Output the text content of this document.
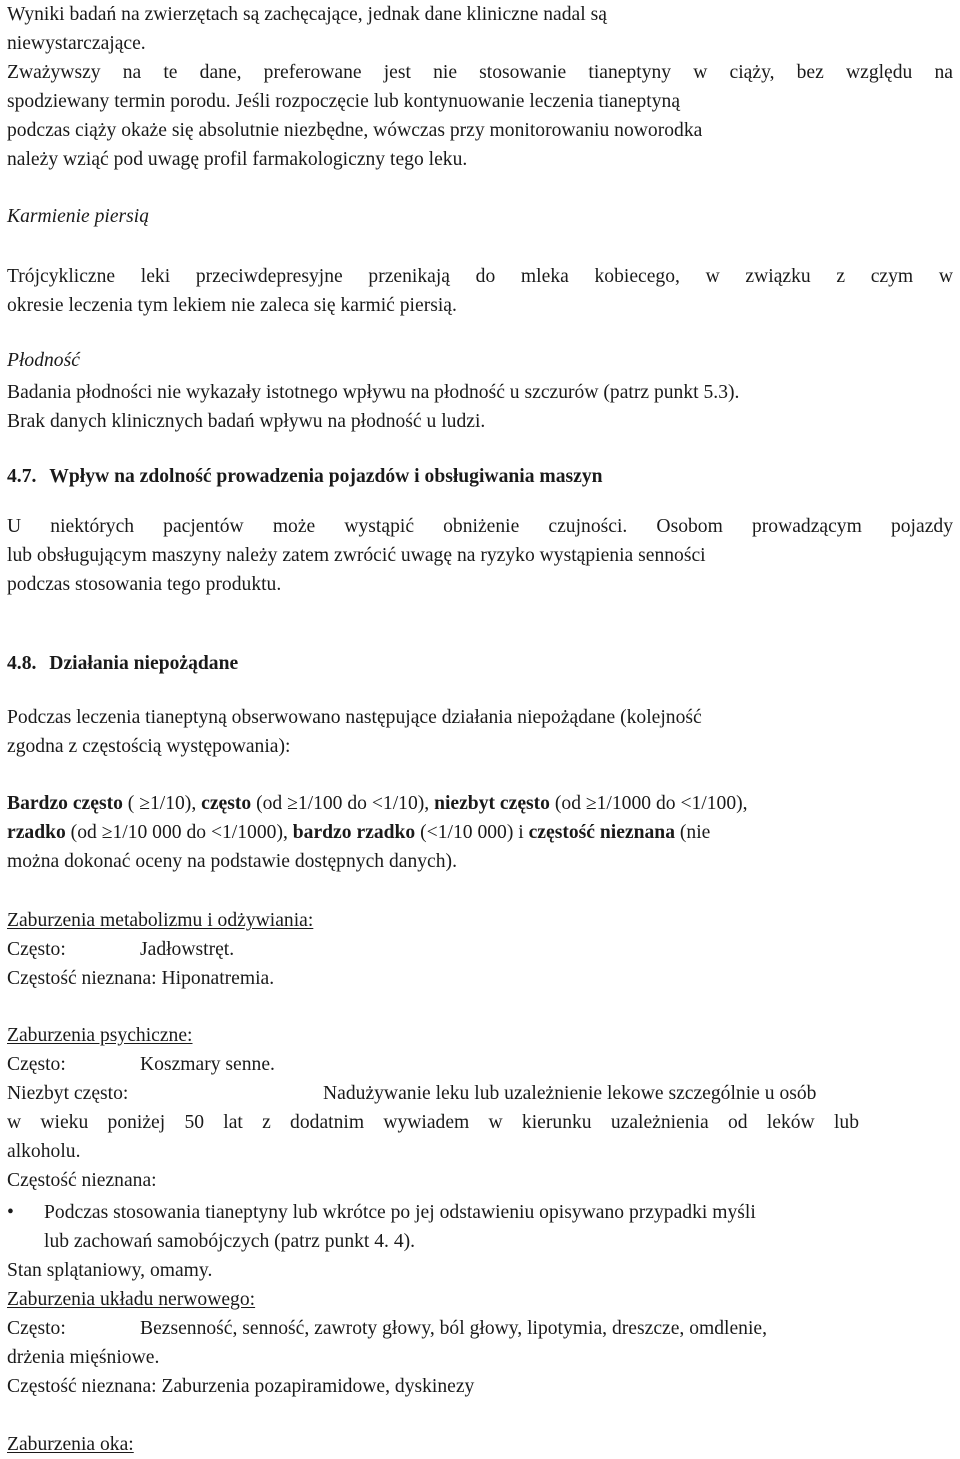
Wyniki badań na zwierzętach są zachęcające, jednak dane kliniczne nadal są
niewystarczające.
Zważywszy na te dane, preferowane jest nie stosowanie tianeptyny w ciąży, bez względu na
spodziewany termin porodu. Jeśli rozpoczęcie lub kontynuowanie leczenia tianeptyną
podczas ciąży okaże się absolutnie niezbędne, wówczas przy monitorowaniu noworodka
należy wziąć pod uwagę profil farmakologiczny tego leku.
Karmienie piersią
Trójcykliczne leki przeciwdepresyjne przenikają do mleka kobiecego, w związku z czym w
okresie leczenia tym lekiem nie zaleca się karmić piersią.
Płodność
Badania płodności nie wykazały istotnego wpływu na płodność u szczurów (patrz punkt 5.3).
Brak danych klinicznych badań wpływu na płodność u ludzi.
4.7. Wpływ na zdolność prowadzenia pojazdów i obsługiwania maszyn
U niektórych pacjentów może wystąpić obniżenie czujności. Osobom prowadzącym pojazdy
lub obsługującym maszyny należy zatem zwrócić uwagę na ryzyko wystąpienia senności
podczas stosowania tego produktu.
4.8. Działania niepożądane
Podczas leczenia tianeptyną obserwowano następujące działania niepożądane (kolejność
zgodna z częstością występowania):
Bardzo często ( ≥1/10), często (od ≥1/100 do <1/10), niezbyt często (od ≥1/1000 do <1/100),
rzadko (od ≥1/10 000 do <1/1000), bardzo rzadko (<1/10 000) i częstość nieznana (nie
można dokonać oceny na podstawie dostępnych danych).
Zaburzenia metabolizmu i odżywiania:
Często:	Jadłowstręt.
Częstość nieznana: Hiponatremia.
Zaburzenia psychiczne:
Często:	Koszmary senne.
Niezbyt często:	Nadużywanie leku lub uzależnienie lekowe szczególnie u osób
w wieku poniżej 50 lat z dodatnim wywiadem w kierunku uzależnienia od leków lub
alkoholu.
Częstość nieznana:
• Podczas stosowania tianeptyny lub wkrótce po jej odstawieniu opisywano przypadki myśli
lub zachowań samobójczych (patrz punkt 4. 4).
Stan splątaniowy, omamy.
Zaburzenia układu nerwowego:
Często:	Bezsenność, senność, zawroty głowy, ból głowy, lipotymia, dreszcze, omdlenie,
drżenia mięśniowe.
Częstość nieznana: Zaburzenia pozapiramidowe, dyskinezy
Zaburzenia oka:
